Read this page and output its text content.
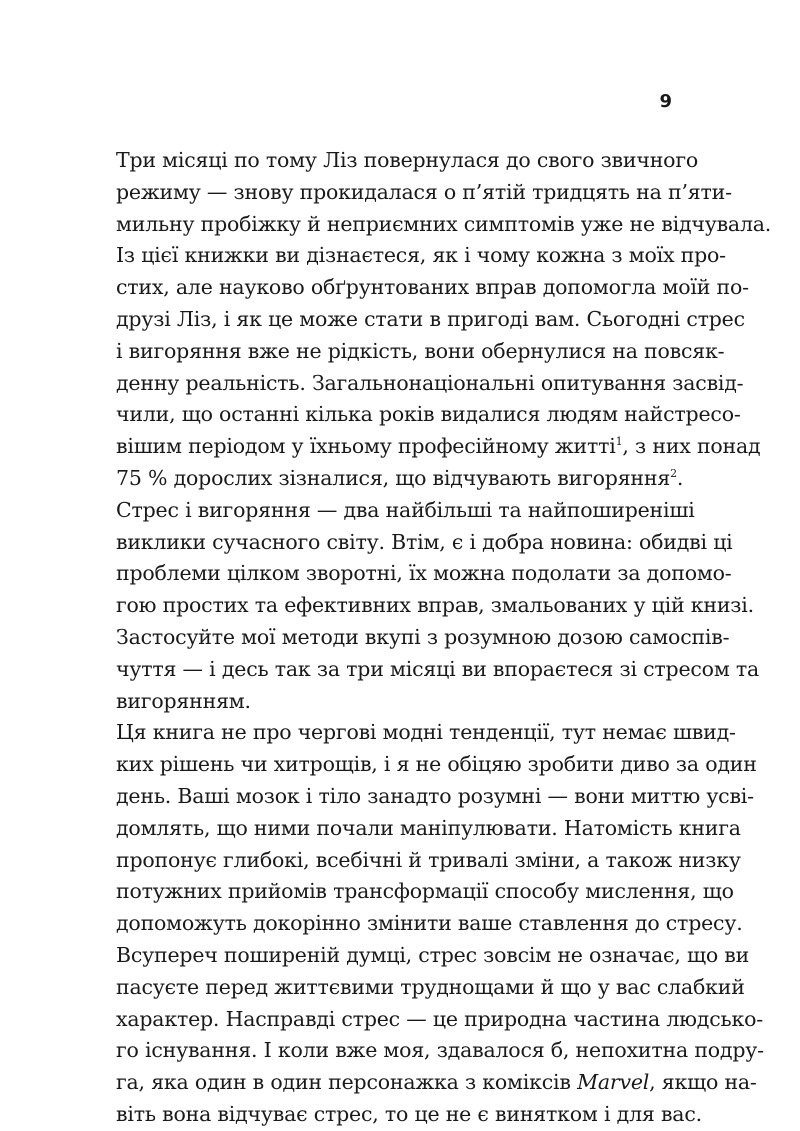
9
Три місяці по тому Ліз повернулася до свого звичного
режиму — знову прокидалася о п’ятій тридцять на п’яти-
мильну пробіжку й неприємних симптомів уже не відчувала.
Із цієї книжки ви дізнаєтеся, як і чому кожна з моїх про-
стих, але науково обґрунтованих вправ допомогла моїй по-
друзі Ліз, і як це може стати в пригоді вам. Сьогодні стрес
і вигоряння вже не рідкість, вони обернулися на повсяк-
денну реальність. Загальнонаціональні опитування засвід-
чили, що останні кілька років видалися людям найстресо-
вішим періодом у їхньому професійному житті$^1$, з них понад
75 % дорослих зізналися, що відчувають вигоряння$^2$.
Стрес і вигоряння — два найбільші та найпоширеніші
виклики сучасного світу. Втім, є і добра новина: обидві ці
проблеми цілком зворотні, їх можна подолати за допомо-
гою простих та ефективних вправ, змальованих у цій книзі.
Застосуйте мої методи вкупі з розумною дозою самоспів-
чуття — і десь так за три місяці ви впораєтеся зі стресом та
вигорянням.
Ця книга не про чергові модні тенденції, тут немає швид-
ких рішень чи хитрощів, і я не обіцяю зробити диво за один
день. Ваші мозок і тіло занадто розумні — вони миттю усві-
домлять, що ними почали маніпулювати. Натомість книга
пропонує глибокі, всебічні й тривалі зміни, а також низку
потужних прийомів трансформації способу мислення, що
допоможуть докорінно змінити ваше ставлення до стресу.
Всупереч поширеній думці, стрес зовсім не означає, що ви
пасуєте перед життєвими труднощами й що у вас слабкий
характер. Насправді стрес — це природна частина людсько-
го існування. І коли вже моя, здавалося б, непохитна подру-
га, яка один в один персонажка з коміксів Marvel, якщо на-
віть вона відчуває стрес, то це не є винятком і для вас.
